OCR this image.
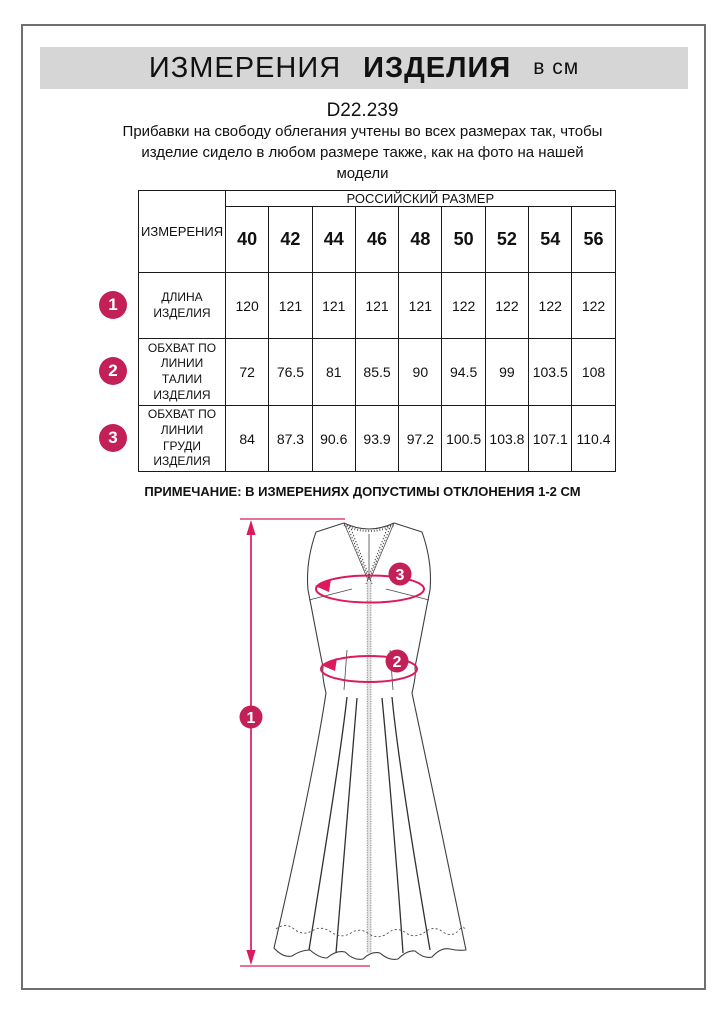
ИЗМЕРЕНИЯ ИЗДЕЛИЯ в см
D22.239
Прибавки на свободу облегания учтены во всех размерах так, чтобы
изделие сидело в любом размере также, как на фото на нашей
модели
ИЗМЕРЕНИЯ	РОССИЙСКИЙ РАЗМЕР								
	40	42	44	46	48	50	52	54	56
ДЛИНА ИЗДЕЛИЯ	120	121	121	121	121	122	122	122	122
ОБХВАТ ПО ЛИНИИ ТАЛИИ ИЗДЕЛИЯ	72	76.5	81	85.5	90	94.5	99	103.5	108
ОБХВАТ ПО ЛИНИИ ГРУДИ ИЗДЕЛИЯ	84	87.3	90.6	93.9	97.2	100.5	103.8	107.1	110.4
1
2
3
ПРИМЕЧАНИЕ: В ИЗМЕРЕНИЯХ ДОПУСТИМЫ ОТКЛОНЕНИЯ 1-2 СМ
1
2
3
